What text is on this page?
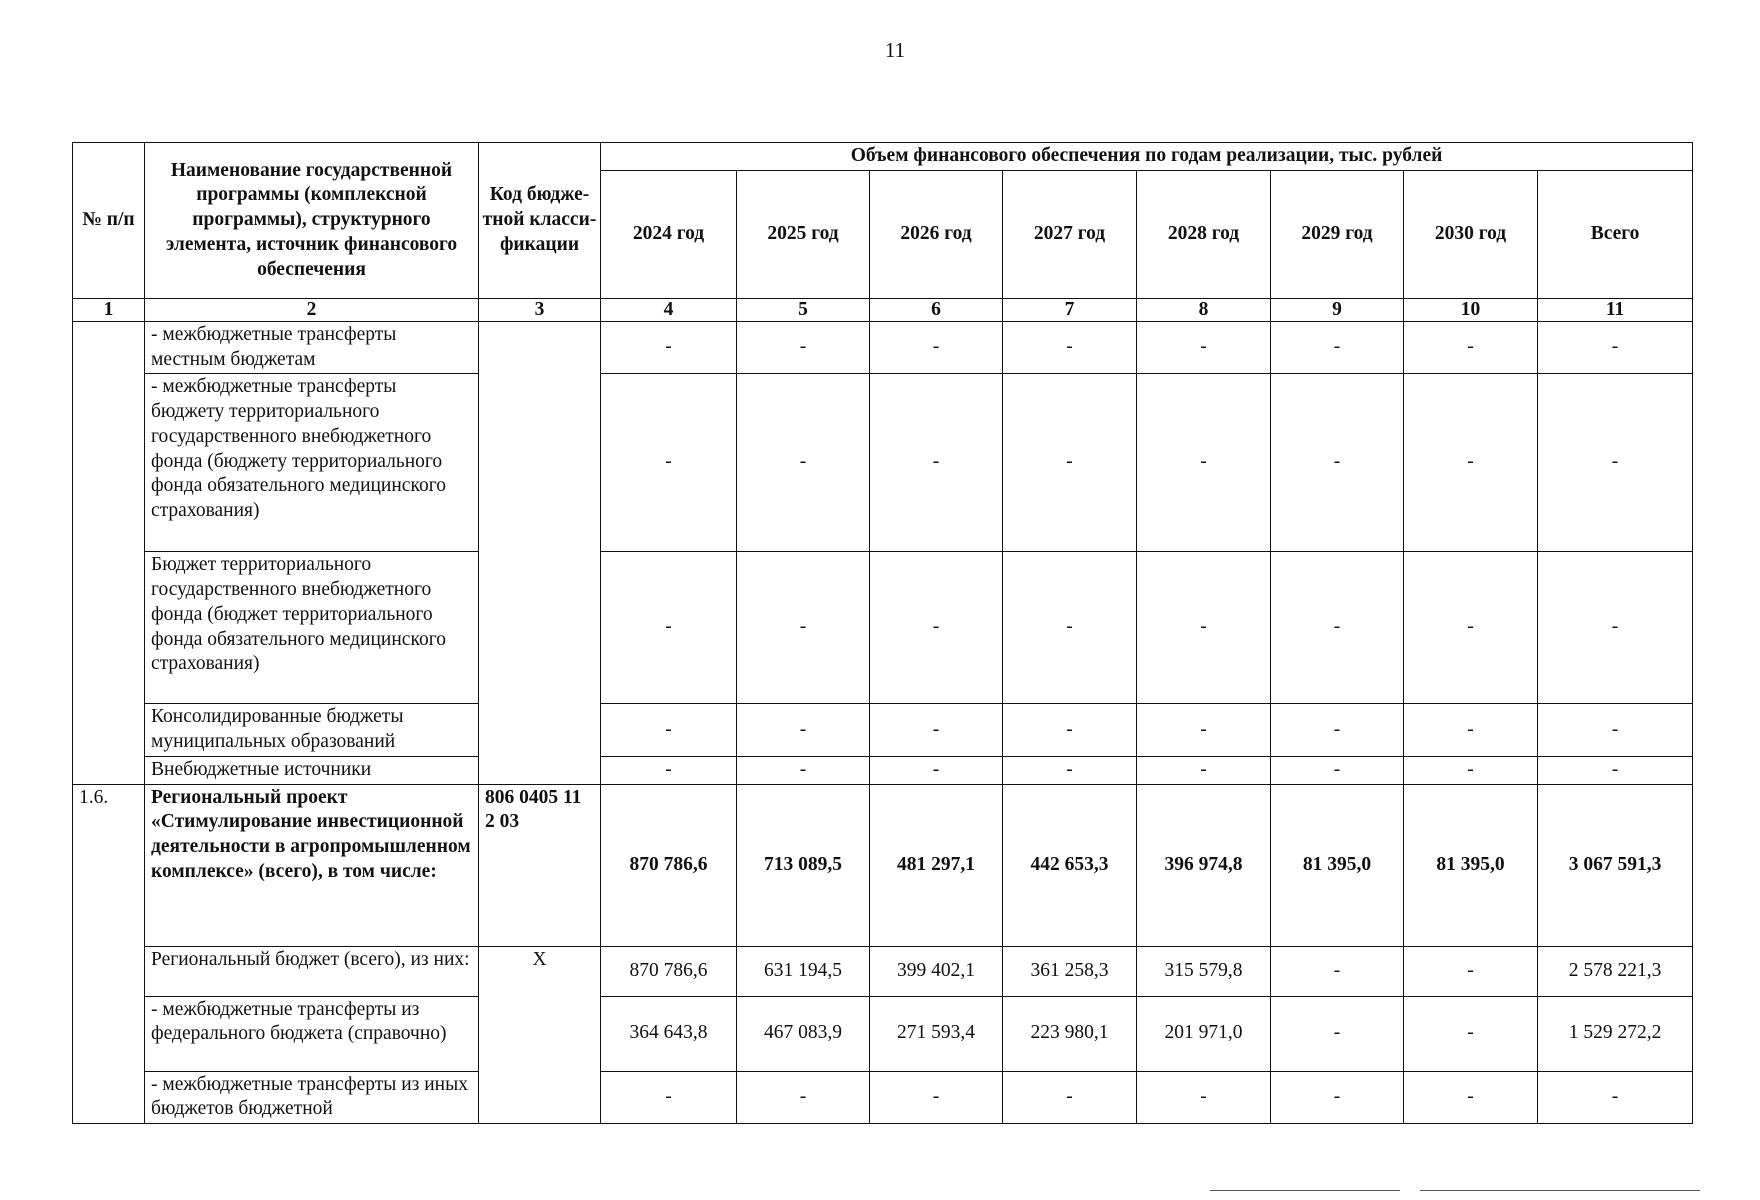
11
№ п/п	Наименование государственной программы (комплексной программы), структурного элемента, источник финансового обеспечения	Код бюдже-тной класси-фикации	Объем финансового обеспечения по годам реализации, тыс. рублей							
			2024 год	2025 год	2026 год	2027 год	2028 год	2029 год	2030 год	Всего
1	2	3	4	5	6	7	8	9	10	11
	- межбюджетные трансферты местным бюджетам		-	-	-	-	-	-	-	-
	- межбюджетные трансферты бюджету территориального государственного внебюджетного фонда (бюджету территориального фонда обязательного медицинского страхования)		-	-	-	-	-	-	-	-
	Бюджет территориального государственного внебюджетного фонда (бюджет территориального фонда обязательного медицинского страхования)		-	-	-	-	-	-	-	-
	Консолидированные бюджеты муниципальных образований		-	-	-	-	-	-	-	-
	Внебюджетные источники		-	-	-	-	-	-	-	-
1.6.	Региональный проект «Стимулирование инвестиционной деятельности в агропромышленном комплексе» (всего), в том числе:	806 0405 11 2 03	870 786,6	713 089,5	481 297,1	442 653,3	396 974,8	81 395,0	81 395,0	3 067 591,3
	Региональный бюджет (всего), из них:	X	870 786,6	631 194,5	399 402,1	361 258,3	315 579,8	-	-	2 578 221,3
	- межбюджетные трансферты из федерального бюджета (справочно)		364 643,8	467 083,9	271 593,4	223 980,1	201 971,0	-	-	1 529 272,2
	- межбюджетные трансферты из иных бюджетов бюджетной		-	-	-	-	-	-	-	-
